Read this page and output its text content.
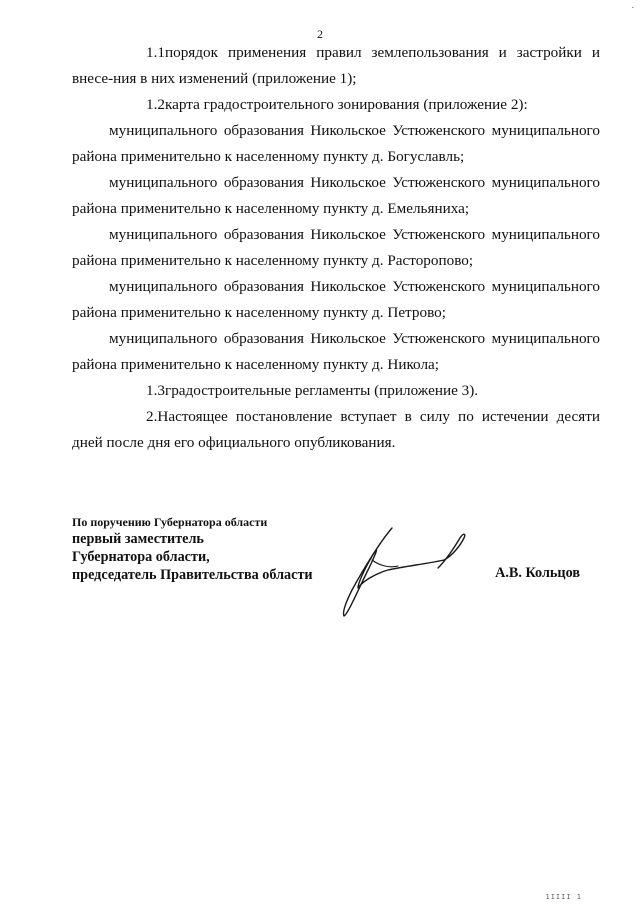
2
.

1.1порядок применения правил землепользования и застройки и внесе-ния в них изменений (приложение 1);

1.2карта градостроительного зонирования (приложение 2):

муниципального образования Никольское Устюженского муниципального района применительно к населенному пункту д. Богуславль;

муниципального образования Никольское Устюженского муниципального района применительно к населенному пункту д. Емельяниха;

муниципального образования Никольское Устюженского муниципального района применительно к населенному пункту д. Расторопово;

муниципального образования Никольское Устюженского муниципального района применительно к населенному пункту д. Петрово;

муниципального образования Никольское Устюженского муниципального района применительно к населенному пункту д. Никола;

1.3градостроительные регламенты (приложение 3).

2.Настоящее постановление вступает в силу по истечении десяти дней после дня его официального опубликования.

По поручению Губернатора области
первый заместитель
Губернатора области,
председатель Правительства области	А.В. Кольцов
1IIII 1
